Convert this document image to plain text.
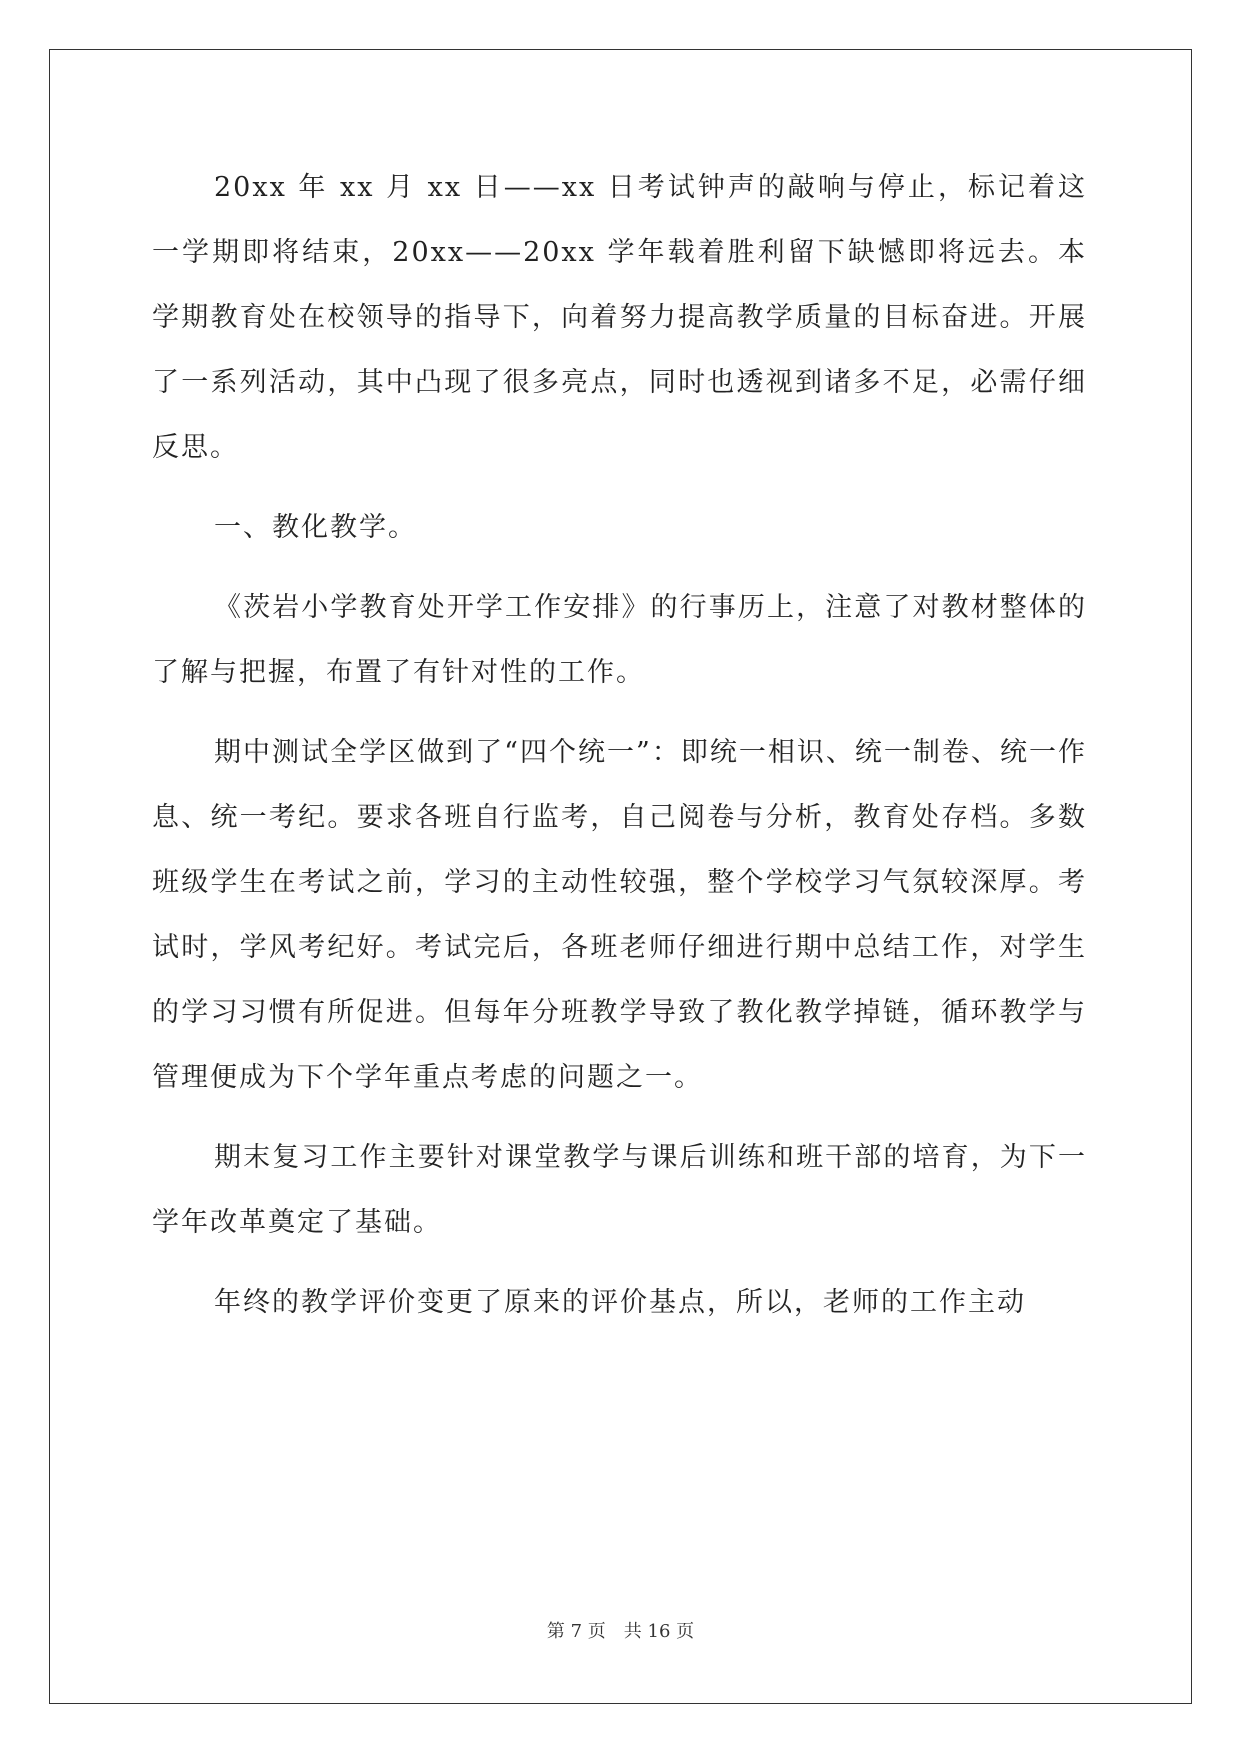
20xx 年 xx 月 xx 日——xx 日考试钟声的敲响与停止，标记着这一学期即将结束，20xx——20xx 学年载着胜利留下缺憾即将远去。本学期教育处在校领导的指导下，向着努力提高教学质量的目标奋进。开展了一系列活动，其中凸现了很多亮点，同时也透视到诸多不足，必需仔细反思。

一、教化教学。

《茨岩小学教育处开学工作安排》的行事历上，注意了对教材整体的了解与把握，布置了有针对性的工作。

期中测试全学区做到了“四个统一”：即统一相识、统一制卷、统一作息、统一考纪。要求各班自行监考，自己阅卷与分析，教育处存档。多数班级学生在考试之前，学习的主动性较强，整个学校学习气氛较深厚。考试时，学风考纪好。考试完后，各班老师仔细进行期中总结工作，对学生的学习习惯有所促进。但每年分班教学导致了教化教学掉链，循环教学与管理便成为下个学年重点考虑的问题之一。

期末复习工作主要针对课堂教学与课后训练和班干部的培育，为下一学年改革奠定了基础。

年终的教学评价变更了原来的评价基点，所以，老师的工作主动

第 7 页 共 16 页
